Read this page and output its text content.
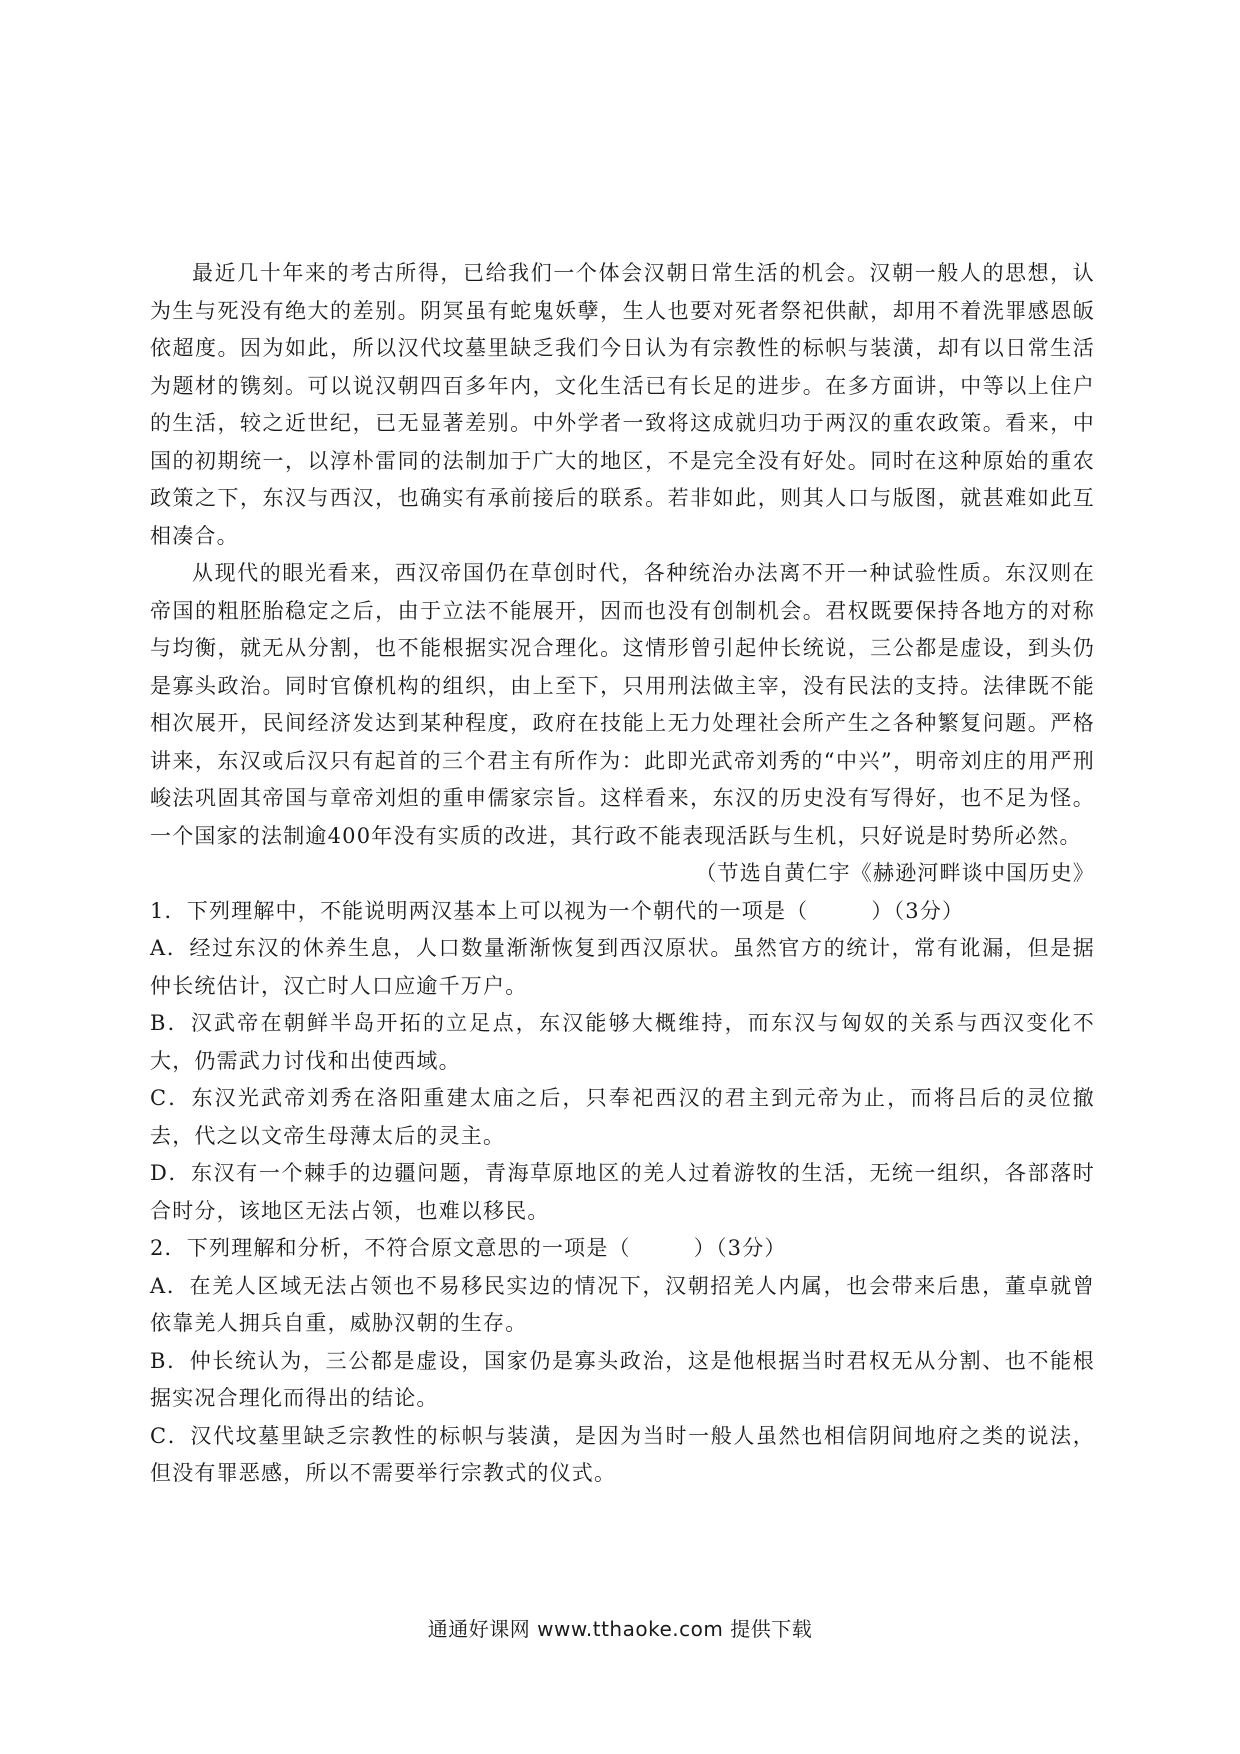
最近几十年来的考古所得，已给我们一个体会汉朝日常生活的机会。汉朝一般人的思想，认为生与死没有绝大的差别。阴冥虽有蛇鬼妖孽，生人也要对死者祭祀供献，却用不着洗罪感恩皈依超度。因为如此，所以汉代坟墓里缺乏我们今日认为有宗教性的标帜与装潢，却有以日常生活为题材的镌刻。可以说汉朝四百多年内，文化生活已有长足的进步。在多方面讲，中等以上住户的生活，较之近世纪，已无显著差别。中外学者一致将这成就归功于两汉的重农政策。看来，中国的初期统一，以淳朴雷同的法制加于广大的地区，不是完全没有好处。同时在这种原始的重农政策之下，东汉与西汉，也确实有承前接后的联系。若非如此，则其人口与版图，就甚难如此互相凑合。

从现代的眼光看来，西汉帝国仍在草创时代，各种统治办法离不开一种试验性质。东汉则在帝国的粗胚胎稳定之后，由于立法不能展开，因而也没有创制机会。君权既要保持各地方的对称与均衡，就无从分割，也不能根据实况合理化。这情形曾引起仲长统说，三公都是虚设，到头仍是寡头政治。同时官僚机构的组织，由上至下，只用刑法做主宰，没有民法的支持。法律既不能相次展开，民间经济发达到某种程度，政府在技能上无力处理社会所产生之各种繁复问题。严格讲来，东汉或后汉只有起首的三个君主有所作为：此即光武帝刘秀的“中兴”，明帝刘庄的用严刑峻法巩固其帝国与章帝刘炟的重申儒家宗旨。这样看来，东汉的历史没有写得好，也不足为怪。一个国家的法制逾400年没有实质的改进，其行政不能表现活跃与生机，只好说是时势所必然。

（节选自黄仁宇《赫逊河畔谈中国历史》

1．下列理解中，不能说明两汉基本上可以视为一个朝代的一项是（	）（3分）

A．经过东汉的休养生息，人口数量渐渐恢复到西汉原状。虽然官方的统计，常有讹漏，但是据仲长统估计，汉亡时人口应逾千万户。

B．汉武帝在朝鲜半岛开拓的立足点，东汉能够大概维持，而东汉与匈奴的关系与西汉变化不大，仍需武力讨伐和出使西域。

C．东汉光武帝刘秀在洛阳重建太庙之后，只奉祀西汉的君主到元帝为止，而将吕后的灵位撤去，代之以文帝生母薄太后的灵主。

D．东汉有一个棘手的边疆问题，青海草原地区的羌人过着游牧的生活，无统一组织，各部落时合时分，该地区无法占领，也难以移民。

2．下列理解和分析，不符合原文意思的一项是（	）（3分）

A．在羌人区域无法占领也不易移民实边的情况下，汉朝招羌人内属，也会带来后患，董卓就曾依靠羌人拥兵自重，威胁汉朝的生存。

B．仲长统认为，三公都是虚设，国家仍是寡头政治，这是他根据当时君权无从分割、也不能根据实况合理化而得出的结论。

C．汉代坟墓里缺乏宗教性的标帜与装潢，是因为当时一般人虽然也相信阴间地府之类的说法，但没有罪恶感，所以不需要举行宗教式的仪式。

通通好课网 www.tthaoke.com 提供下载
